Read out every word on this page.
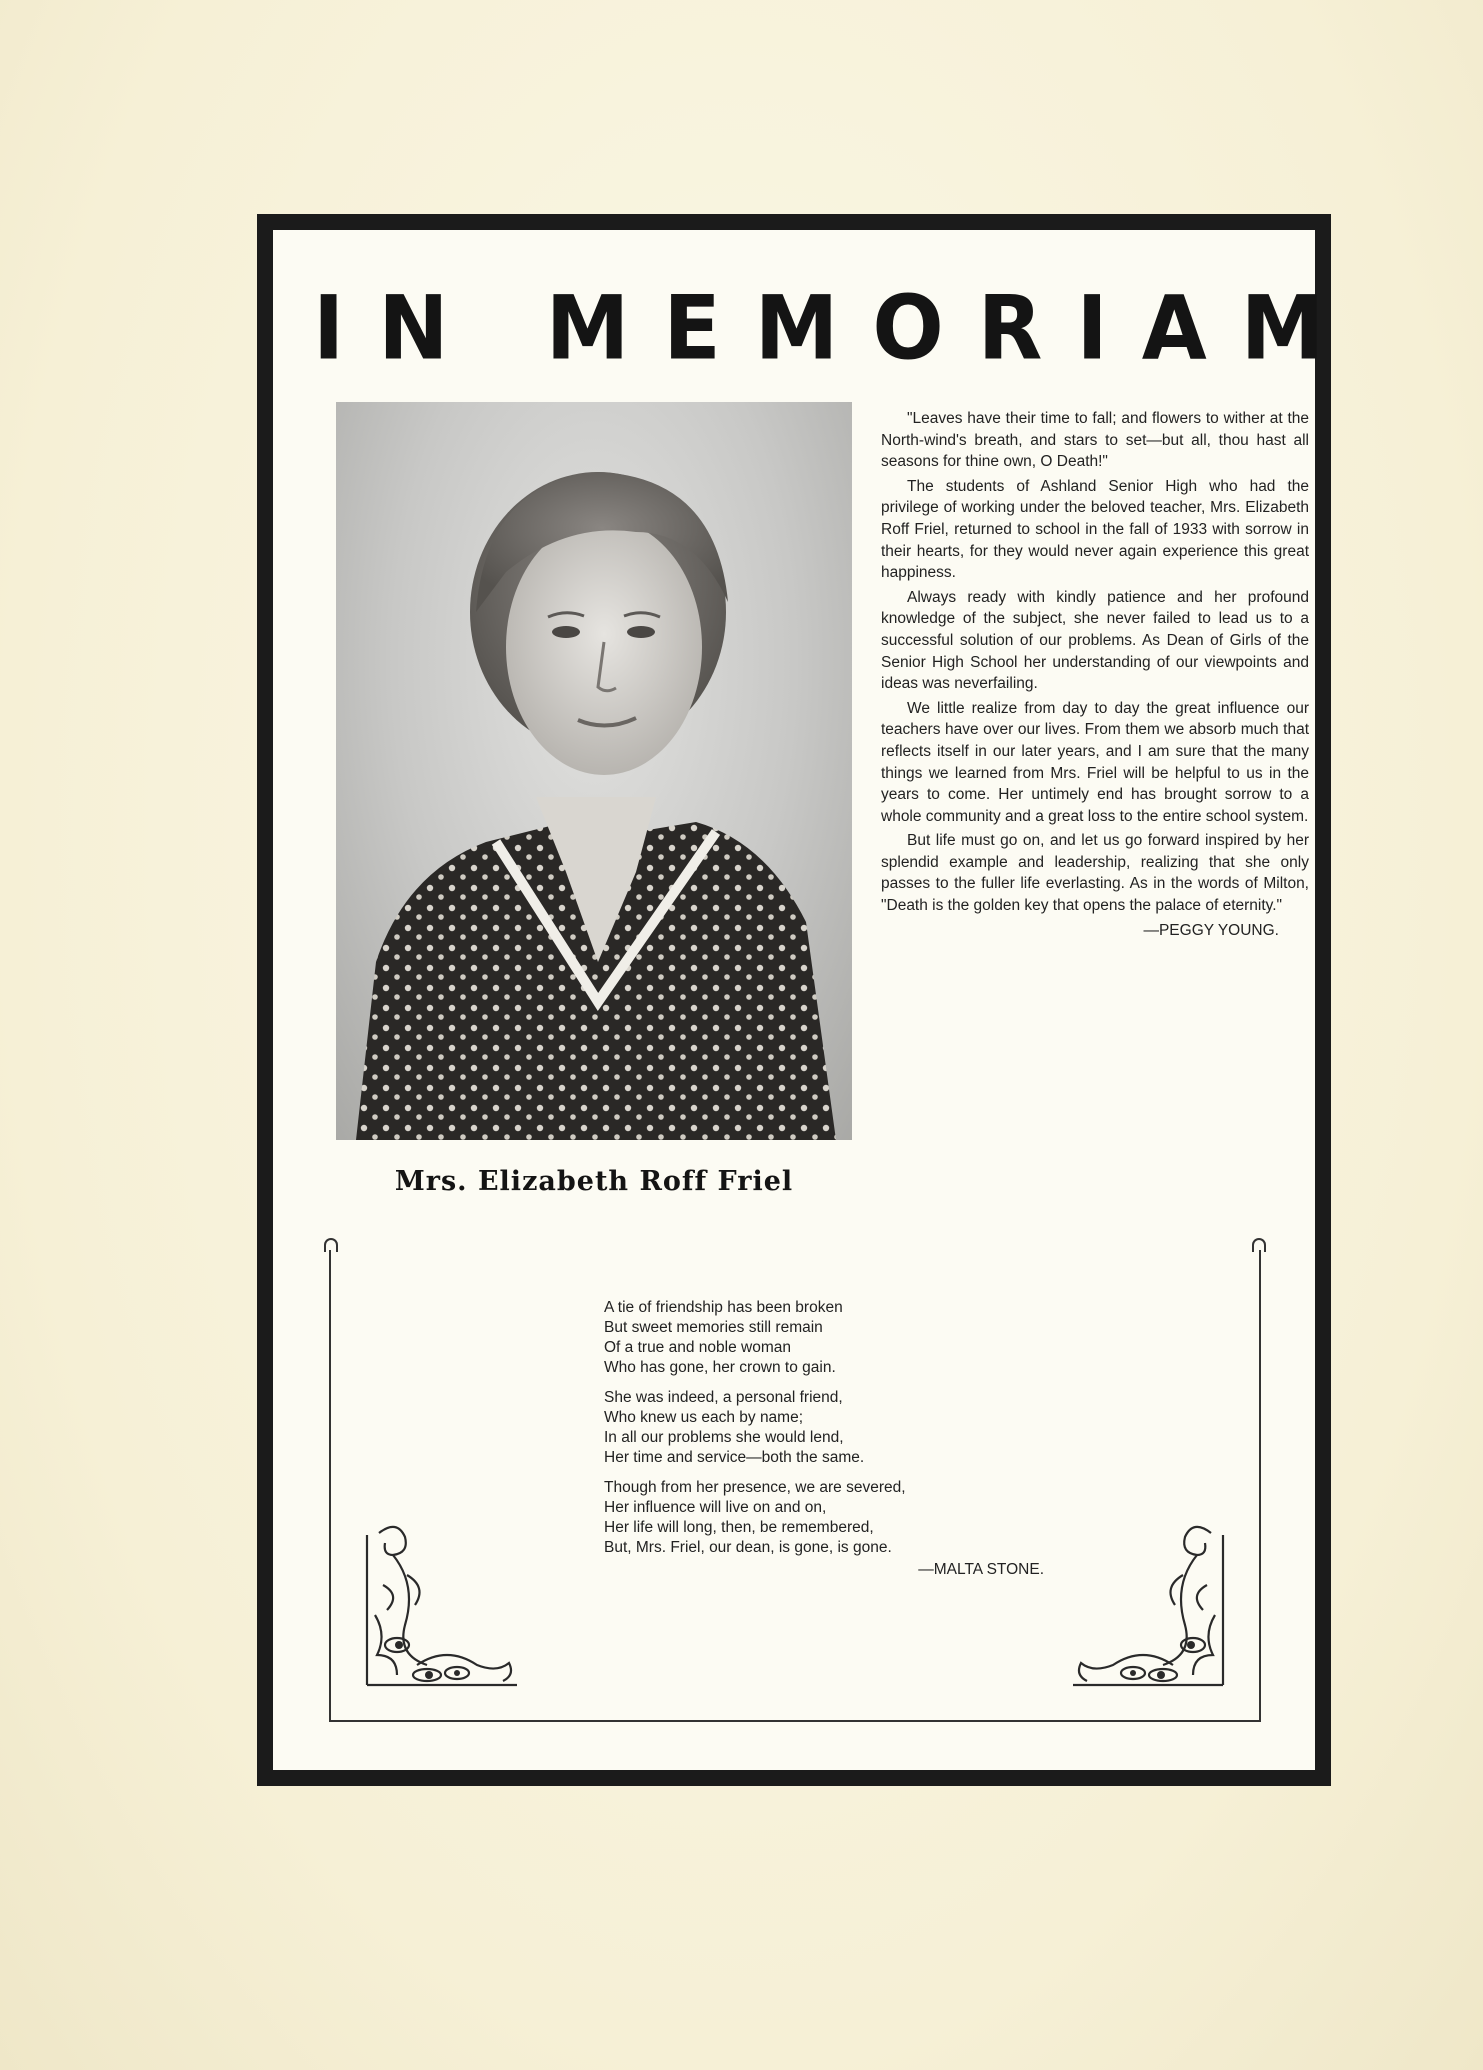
IN MEMORIAM
Mrs. Elizabeth Roff Friel

"Leaves have their time to fall; and flowers to wither at the North-wind's breath, and stars to set—but all, thou hast all seasons for thine own, O Death!"

The students of Ashland Senior High who had the privilege of working under the beloved teacher, Mrs. Elizabeth Roff Friel, returned to school in the fall of 1933 with sorrow in their hearts, for they would never again experience this great happiness.

Always ready with kindly patience and her profound knowledge of the subject, she never failed to lead us to a successful solution of our problems. As Dean of Girls of the Senior High School her understanding of our viewpoints and ideas was neverfailing.

We little realize from day to day the great influence our teachers have over our lives. From them we absorb much that reflects itself in our later years, and I am sure that the many things we learned from Mrs. Friel will be helpful to us in the years to come. Her untimely end has brought sorrow to a whole community and a great loss to the entire school system.

But life must go on, and let us go forward inspired by her splendid example and leadership, realizing that she only passes to the fuller life everlasting. As in the words of Milton, "Death is the golden key that opens the palace of eternity."

—PEGGY YOUNG.

A tie of friendship has been broken
But sweet memories still remain
Of a true and noble woman
Who has gone, her crown to gain.
She was indeed, a personal friend,
Who knew us each by name;
In all our problems she would lend,
Her time and service—both the same.
Though from her presence, we are severed,
Her influence will live on and on,
Her life will long, then, be remembered,
But, Mrs. Friel, our dean, is gone, is gone.
—MALTA STONE.
